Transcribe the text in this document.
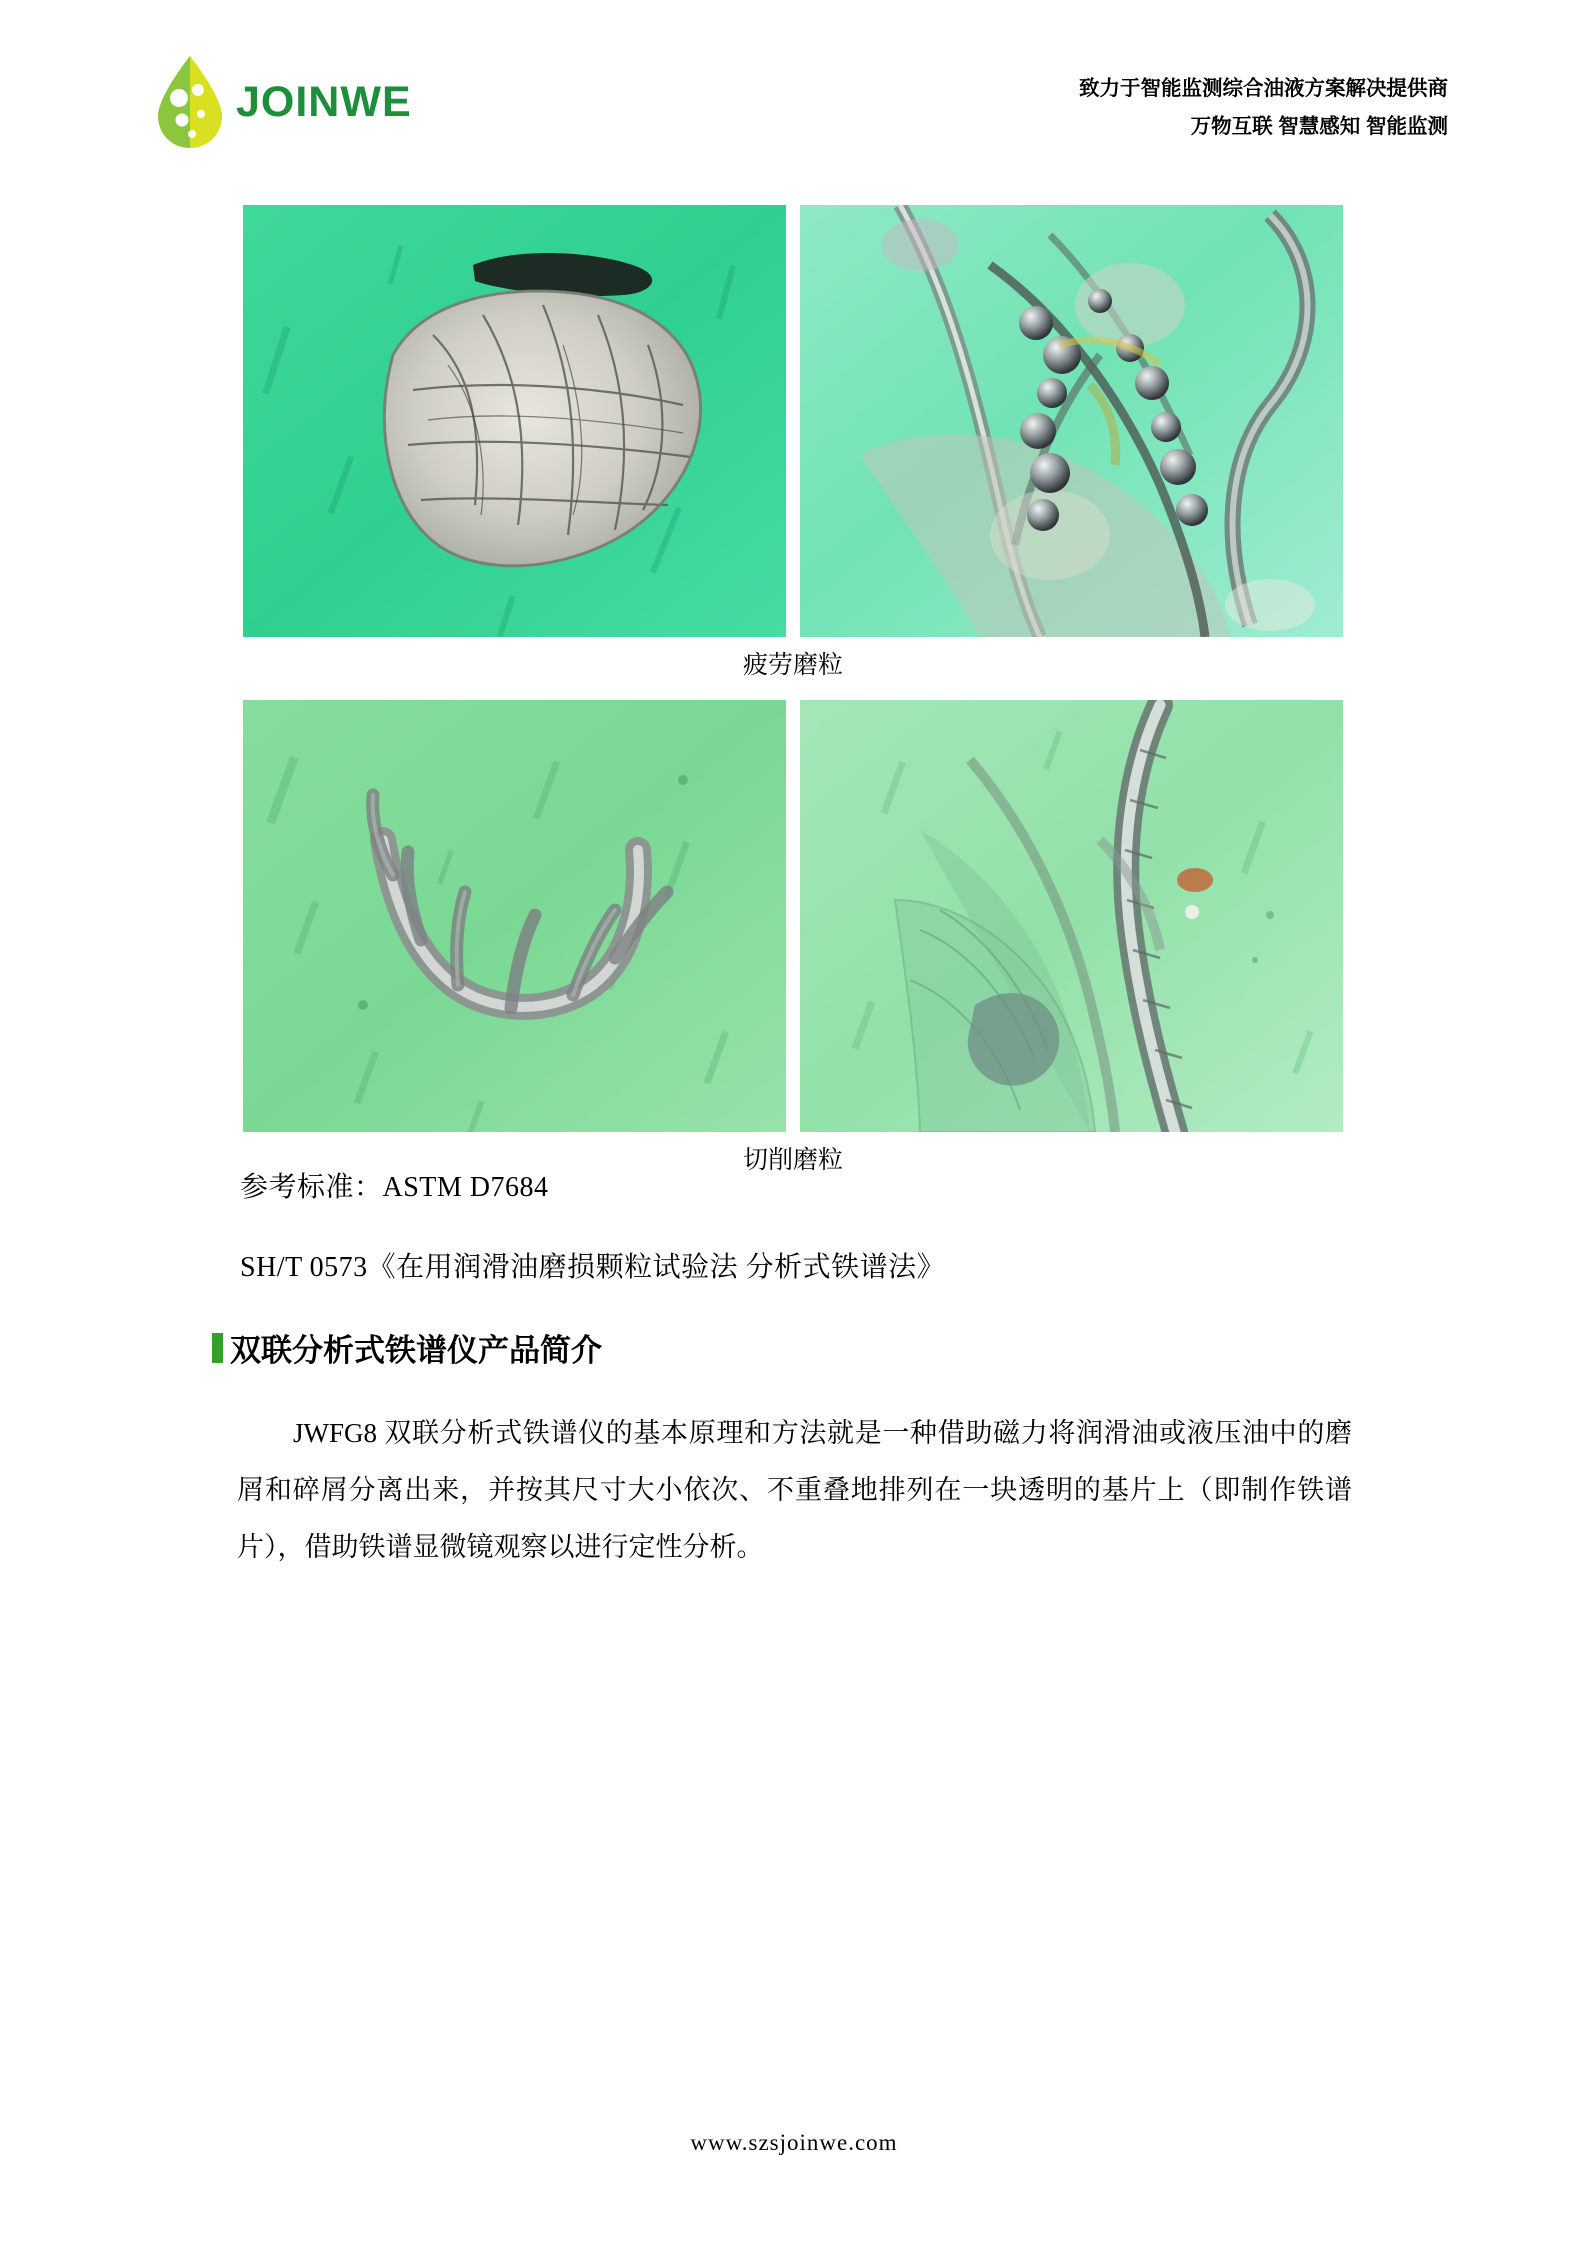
JOINWE	致力于智能监测综合油液方案解决提供商
万物互联 智慧感知 智能监测
疲劳磨粒
切削磨粒
参考标准：ASTM D7684
SH/T 0573《在用润滑油磨损颗粒试验法 分析式铁谱法》
双联分析式铁谱仪产品简介
JWFG8 双联分析式铁谱仪的基本原理和方法就是一种借助磁力将润滑油或液压油中的磨屑和碎屑分离出来，并按其尺寸大小依次、不重叠地排列在一块透明的基片上（即制作铁谱片），借助铁谱显微镜观察以进行定性分析。
www.szsjoinwe.com
